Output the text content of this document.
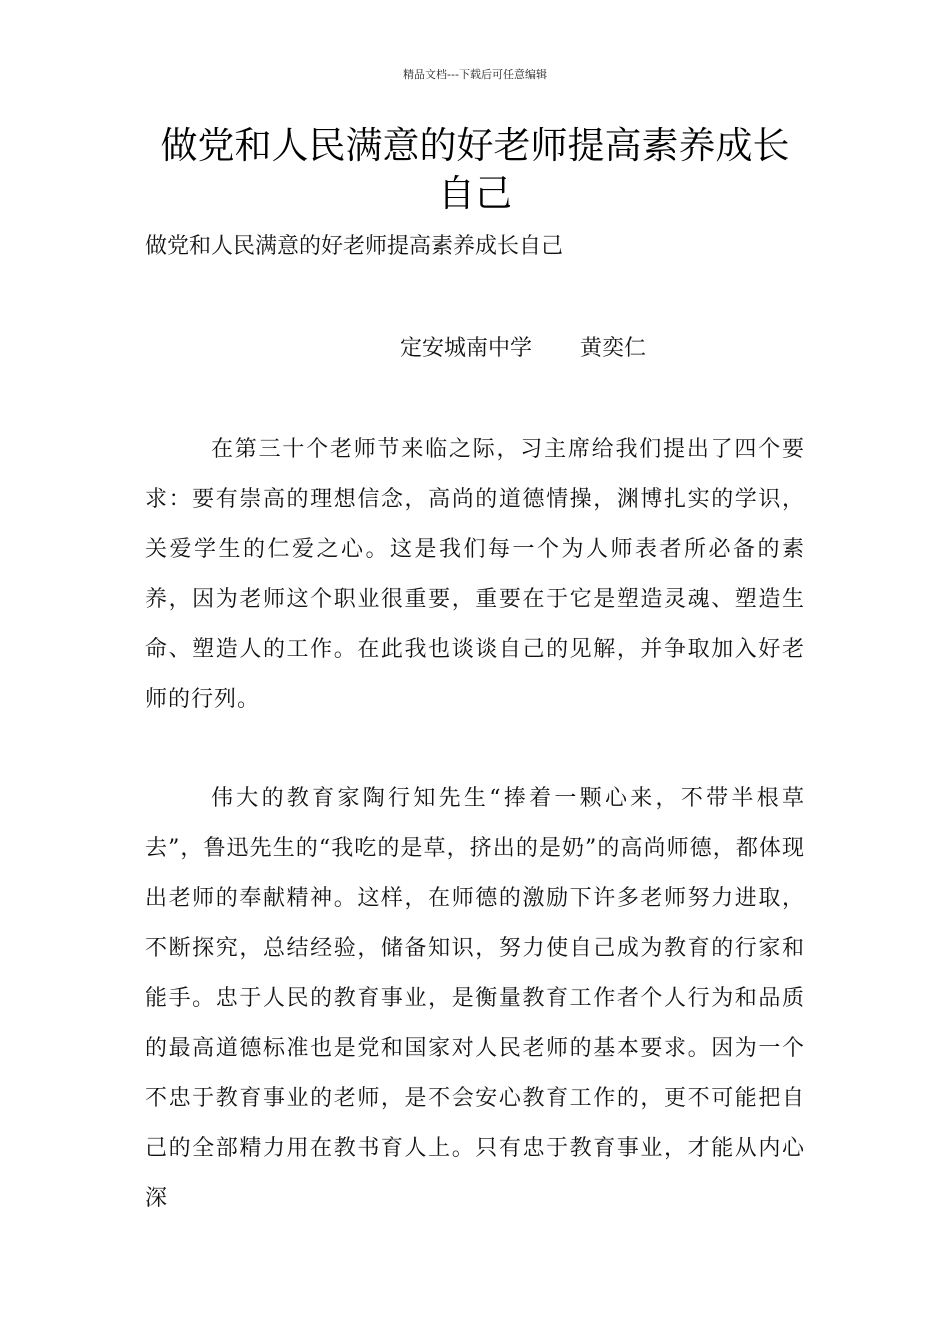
精品文档---下载后可任意编辑
做党和人民满意的好老师提高素养成长自己
做党和人民满意的好老师提高素养成长自己
定安城南中学 黄奕仁

在第三十个老师节来临之际，习主席给我们提出了四个要求：要有崇高的理想信念，高尚的道德情操，渊博扎实的学识，关爱学生的仁爱之心。这是我们每一个为人师表者所必备的素养，因为老师这个职业很重要，重要在于它是塑造灵魂、塑造生命、塑造人的工作。在此我也谈谈自己的见解，并争取加入好老师的行列。

伟大的教育家陶行知先生“捧着一颗心来，不带半根草去”，鲁迅先生的“我吃的是草，挤出的是奶”的高尚师德，都体现出老师的奉献精神。这样，在师德的激励下许多老师努力进取，不断探究，总结经验，储备知识，努力使自己成为教育的行家和能手。忠于人民的教育事业，是衡量教育工作者个人行为和品质的最高道德标准也是党和国家对人民老师的基本要求。因为一个不忠于教育事业的老师，是不会安心教育工作的，更不可能把自己的全部精力用在教书育人上。只有忠于教育事业，才能从内心深
